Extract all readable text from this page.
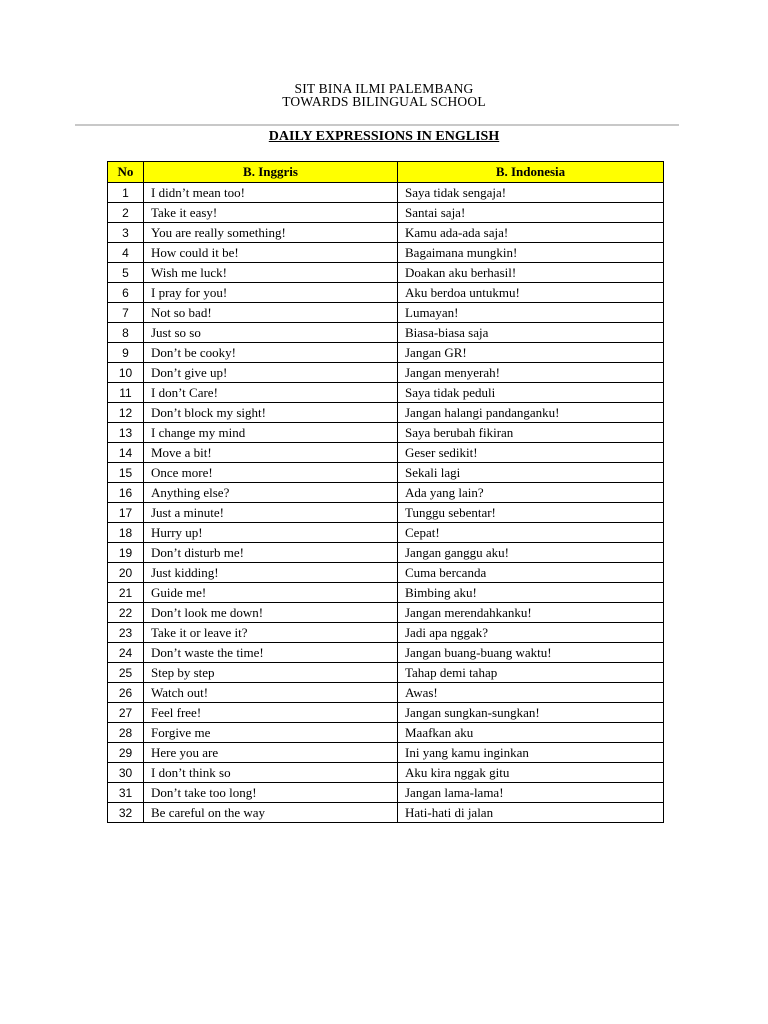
SIT BINA ILMI PALEMBANG
TOWARDS BILINGUAL SCHOOL
DAILY EXPRESSIONS IN ENGLISH
No	B. Inggris	B. Indonesia
1	I didn’t mean too!	Saya tidak sengaja!
2	Take it easy!	Santai saja!
3	You are really something!	Kamu ada-ada saja!
4	How could it be!	Bagaimana mungkin!
5	Wish me luck!	Doakan aku berhasil!
6	I pray for you!	Aku berdoa untukmu!
7	Not so bad!	Lumayan!
8	Just so so	Biasa-biasa saja
9	Don’t be cooky!	Jangan GR!
10	Don’t give up!	Jangan menyerah!
11	I don’t Care!	Saya tidak peduli
12	Don’t block my sight!	Jangan halangi pandanganku!
13	I change my mind	Saya berubah fikiran
14	Move a bit!	Geser sedikit!
15	Once more!	Sekali lagi
16	Anything else?	Ada yang lain?
17	Just a minute!	Tunggu sebentar!
18	Hurry up!	Cepat!
19	Don’t disturb me!	Jangan ganggu aku!
20	Just kidding!	Cuma bercanda
21	Guide me!	Bimbing aku!
22	Don’t look me down!	Jangan merendahkanku!
23	Take it or leave it?	Jadi apa nggak?
24	Don’t waste the time!	Jangan buang-buang waktu!
25	Step by step	Tahap demi tahap
26	Watch out!	Awas!
27	Feel free!	Jangan sungkan-sungkan!
28	Forgive me	Maafkan aku
29	Here you are	Ini yang kamu inginkan
30	I don’t think so	Aku kira nggak gitu
31	Don’t take too long!	Jangan lama-lama!
32	Be careful on the way	Hati-hati di jalan
